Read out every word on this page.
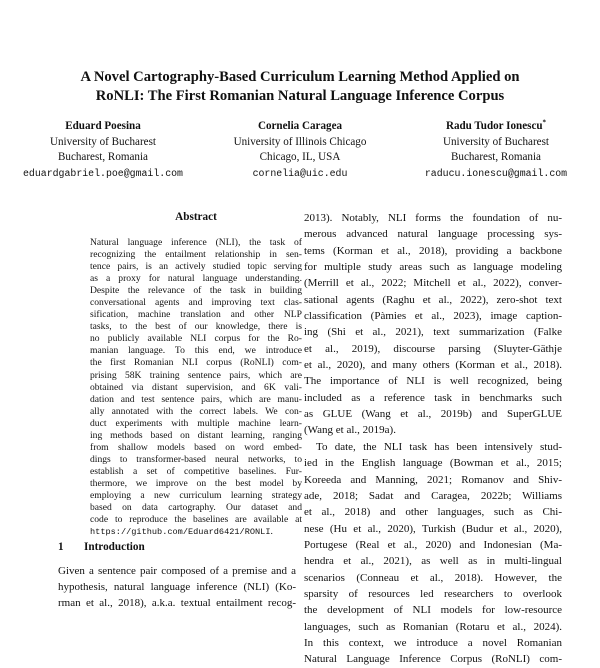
A Novel Cartography-Based Curriculum Learning Method Applied on
RoNLI: The First Romanian Natural Language Inference Corpus
Eduard Poesina
University of Bucharest
Bucharest, Romania
eduardgabriel.poe@gmail.com
Cornelia Caragea
University of Illinois Chicago
Chicago, IL, USA
cornelia@uic.edu
Radu Tudor Ionescu*
University of Bucharest
Bucharest, Romania
raducu.ionescu@gmail.com
Abstract
Natural language inference (NLI), the task of
recognizing the entailment relationship in sen-
tence pairs, is an actively studied topic serving
as a proxy for natural language understanding.
Despite the relevance of the task in building
conversational agents and improving text clas-
sification, machine translation and other NLP
tasks, to the best of our knowledge, there is
no publicly available NLI corpus for the Ro-
manian language. To this end, we introduce
the first Romanian NLI corpus (RoNLI) com-
prising 58K training sentence pairs, which are
obtained via distant supervision, and 6K vali-
dation and test sentence pairs, which are manu-
ally annotated with the correct labels. We con-
duct experiments with multiple machine learn-
ing methods based on distant learning, ranging
from shallow models based on word embed-
dings to transformer-based neural networks, to
establish a set of competitive baselines. Fur-
thermore, we improve on the best model by
employing a new curriculum learning strategy
based on data cartography. Our dataset and
code to reproduce the baselines are available at
https://github.com/Eduard6421/RONLI.
1 Introduction
Given a sentence pair composed of a premise and a
hypothesis, natural language inference (NLI) (Ko-
rman et al., 2018), a.k.a. textual entailment recog-
2013). Notably, NLI forms the foundation of nu-
merous advanced natural language processing sys-
tems (Korman et al., 2018), providing a backbone
for multiple study areas such as language modeling
(Merrill et al., 2022; Mitchell et al., 2022), conver-
sational agents (Raghu et al., 2022), zero-shot text
classification (Pàmies et al., 2023), image caption-
ing (Shi et al., 2021), text summarization (Falke
et al., 2019), discourse parsing (Sluyter-Gäthje
et al., 2020), and many others (Korman et al., 2018).
The importance of NLI is well recognized, being
included as a reference task in benchmarks such
as GLUE (Wang et al., 2019b) and SuperGLUE
(Wang et al., 2019a).
To date, the NLI task has been intensively stud-
ied in the English language (Bowman et al., 2015;
Koreeda and Manning, 2021; Romanov and Shiv-
ade, 2018; Sadat and Caragea, 2022b; Williams
et al., 2018) and other languages, such as Chi-
nese (Hu et al., 2020), Turkish (Budur et al., 2020),
Portugese (Real et al., 2020) and Indonesian (Ma-
hendra et al., 2021), as well as in multi-lingual
scenarios (Conneau et al., 2018). However, the
sparsity of resources led researchers to overlook
the development of NLI models for low-resource
languages, such as Romanian (Rotaru et al., 2024).
In this context, we introduce a novel Romanian
Natural Language Inference Corpus (RoNLI) com-
